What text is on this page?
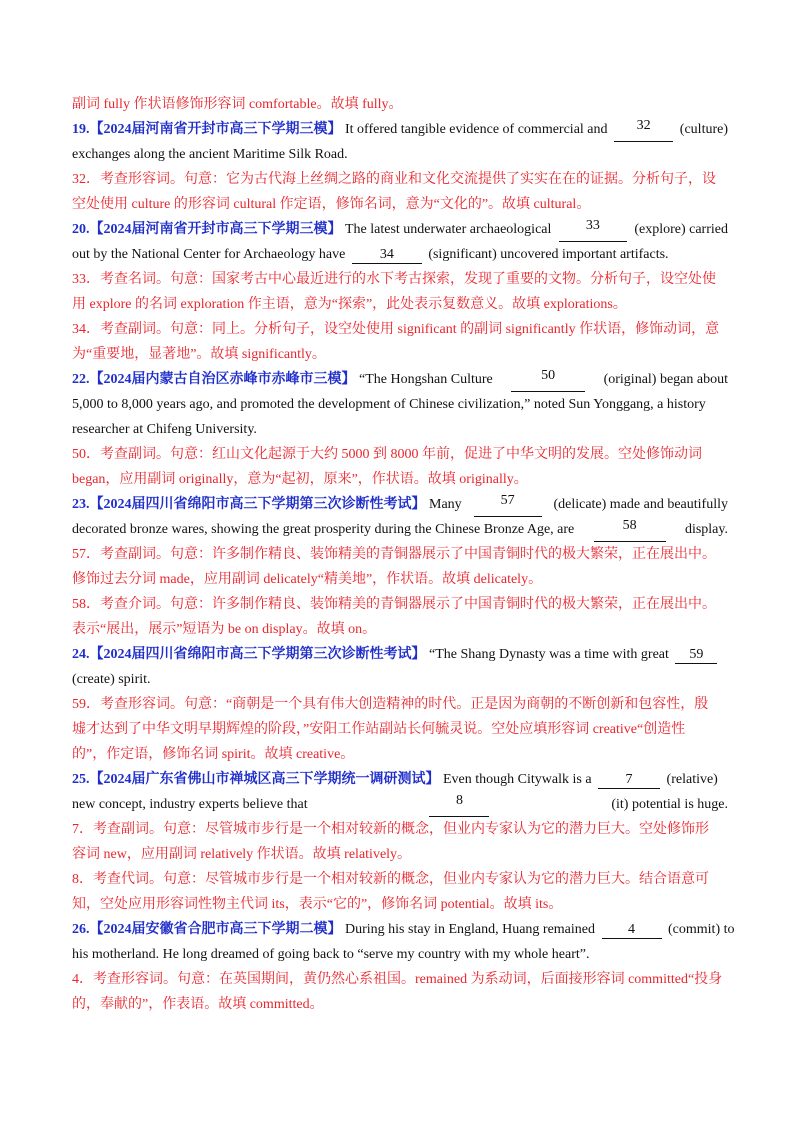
副词 fully 作状语修饰形容词 comfortable。故填 fully。
19.【2024届河南省开封市高三下学期三模】 It offered tangible evidence of commercial and	32	(culture)
exchanges along the ancient Maritime Silk Road.
32．考查形容词。句意：它为古代海上丝绸之路的商业和文化交流提供了实实在在的证据。分析句子，设
空处使用 culture 的形容词 cultural 作定语，修饰名词，意为“文化的”。故填 cultural。
20.【2024届河南省开封市高三下学期三模】 The latest underwater archaeological	33	(explore) carried
out by the National Center for Archaeology have 34 (significant) uncovered important artifacts.
33．考查名词。句意：国家考古中心最近进行的水下考古探索，发现了重要的文物。分析句子，设空处使
用 explore 的名词 exploration 作主语，意为“探索”，此处表示复数意义。故填 explorations。
34．考查副词。句意：同上。分析句子，设空处使用 significant 的副词 significantly 作状语，修饰动词，意
为“重要地，显著地”。故填 significantly。
22.【2024届内蒙古自治区赤峰市赤峰市三模】 “The Hongshan Culture	50	(original) began about
5,000 to 8,000 years ago, and promoted the development of Chinese civilization,” noted Sun Yonggang, a history
researcher at Chifeng University.
50．考查副词。句意：红山文化起源于大约 5000 到 8000 年前，促进了中华文明的发展。空处修饰动词
began，应用副词 originally，意为“起初，原来”，作状语。故填 originally。
23.【2024届四川省绵阳市高三下学期第三次诊断性考试】 Many	57	(delicate) made and beautifully
decorated bronze wares, showing the great prosperity during the Chinese Bronze Age, are	58	display.
57．考查副词。句意：许多制作精良、装饰精美的青铜器展示了中国青铜时代的极大繁荣，正在展出中。
修饰过去分词 made，应用副词 delicately“精美地”，作状语。故填 delicately。
58．考查介词。句意：许多制作精良、装饰精美的青铜器展示了中国青铜时代的极大繁荣，正在展出中。
表示“展出，展示”短语为 be on display。故填 on。
24.【2024届四川省绵阳市高三下学期第三次诊断性考试】 “The Shang Dynasty was a time with great 59
(create) spirit.
59．考查形容词。句意：“商朝是一个具有伟大创造精神的时代。正是因为商朝的不断创新和包容性，殷
墟才达到了中华文明早期辉煌的阶段，”安阳工作站副站长何毓灵说。空处应填形容词 creative“创造性
的”，作定语，修饰名词 spirit。故填 creative。
25.【2024届广东省佛山市禅城区高三下学期统一调研测试】 Even though Citywalk is a 7 (relative)
new concept, industry experts believe that	8	(it) potential is huge.
7．考查副词。句意：尽管城市步行是一个相对较新的概念，但业内专家认为它的潜力巨大。空处修饰形
容词 new，应用副词 relatively 作状语。故填 relatively。
8．考查代词。句意：尽管城市步行是一个相对较新的概念，但业内专家认为它的潜力巨大。结合语意可
知，空处应用形容词性物主代词 its，表示“它的”，修饰名词 potential。故填 its。
26.【2024届安徽省合肥市高三下学期二模】 During his stay in England, Huang remained 4 (commit) to
his motherland. He long dreamed of going back to “serve my country with my whole heart”.
4．考查形容词。句意：在英国期间，黄仍然心系祖国。remained 为系动词，后面接形容词 committed“投身
的，奉献的”，作表语。故填 committed。
